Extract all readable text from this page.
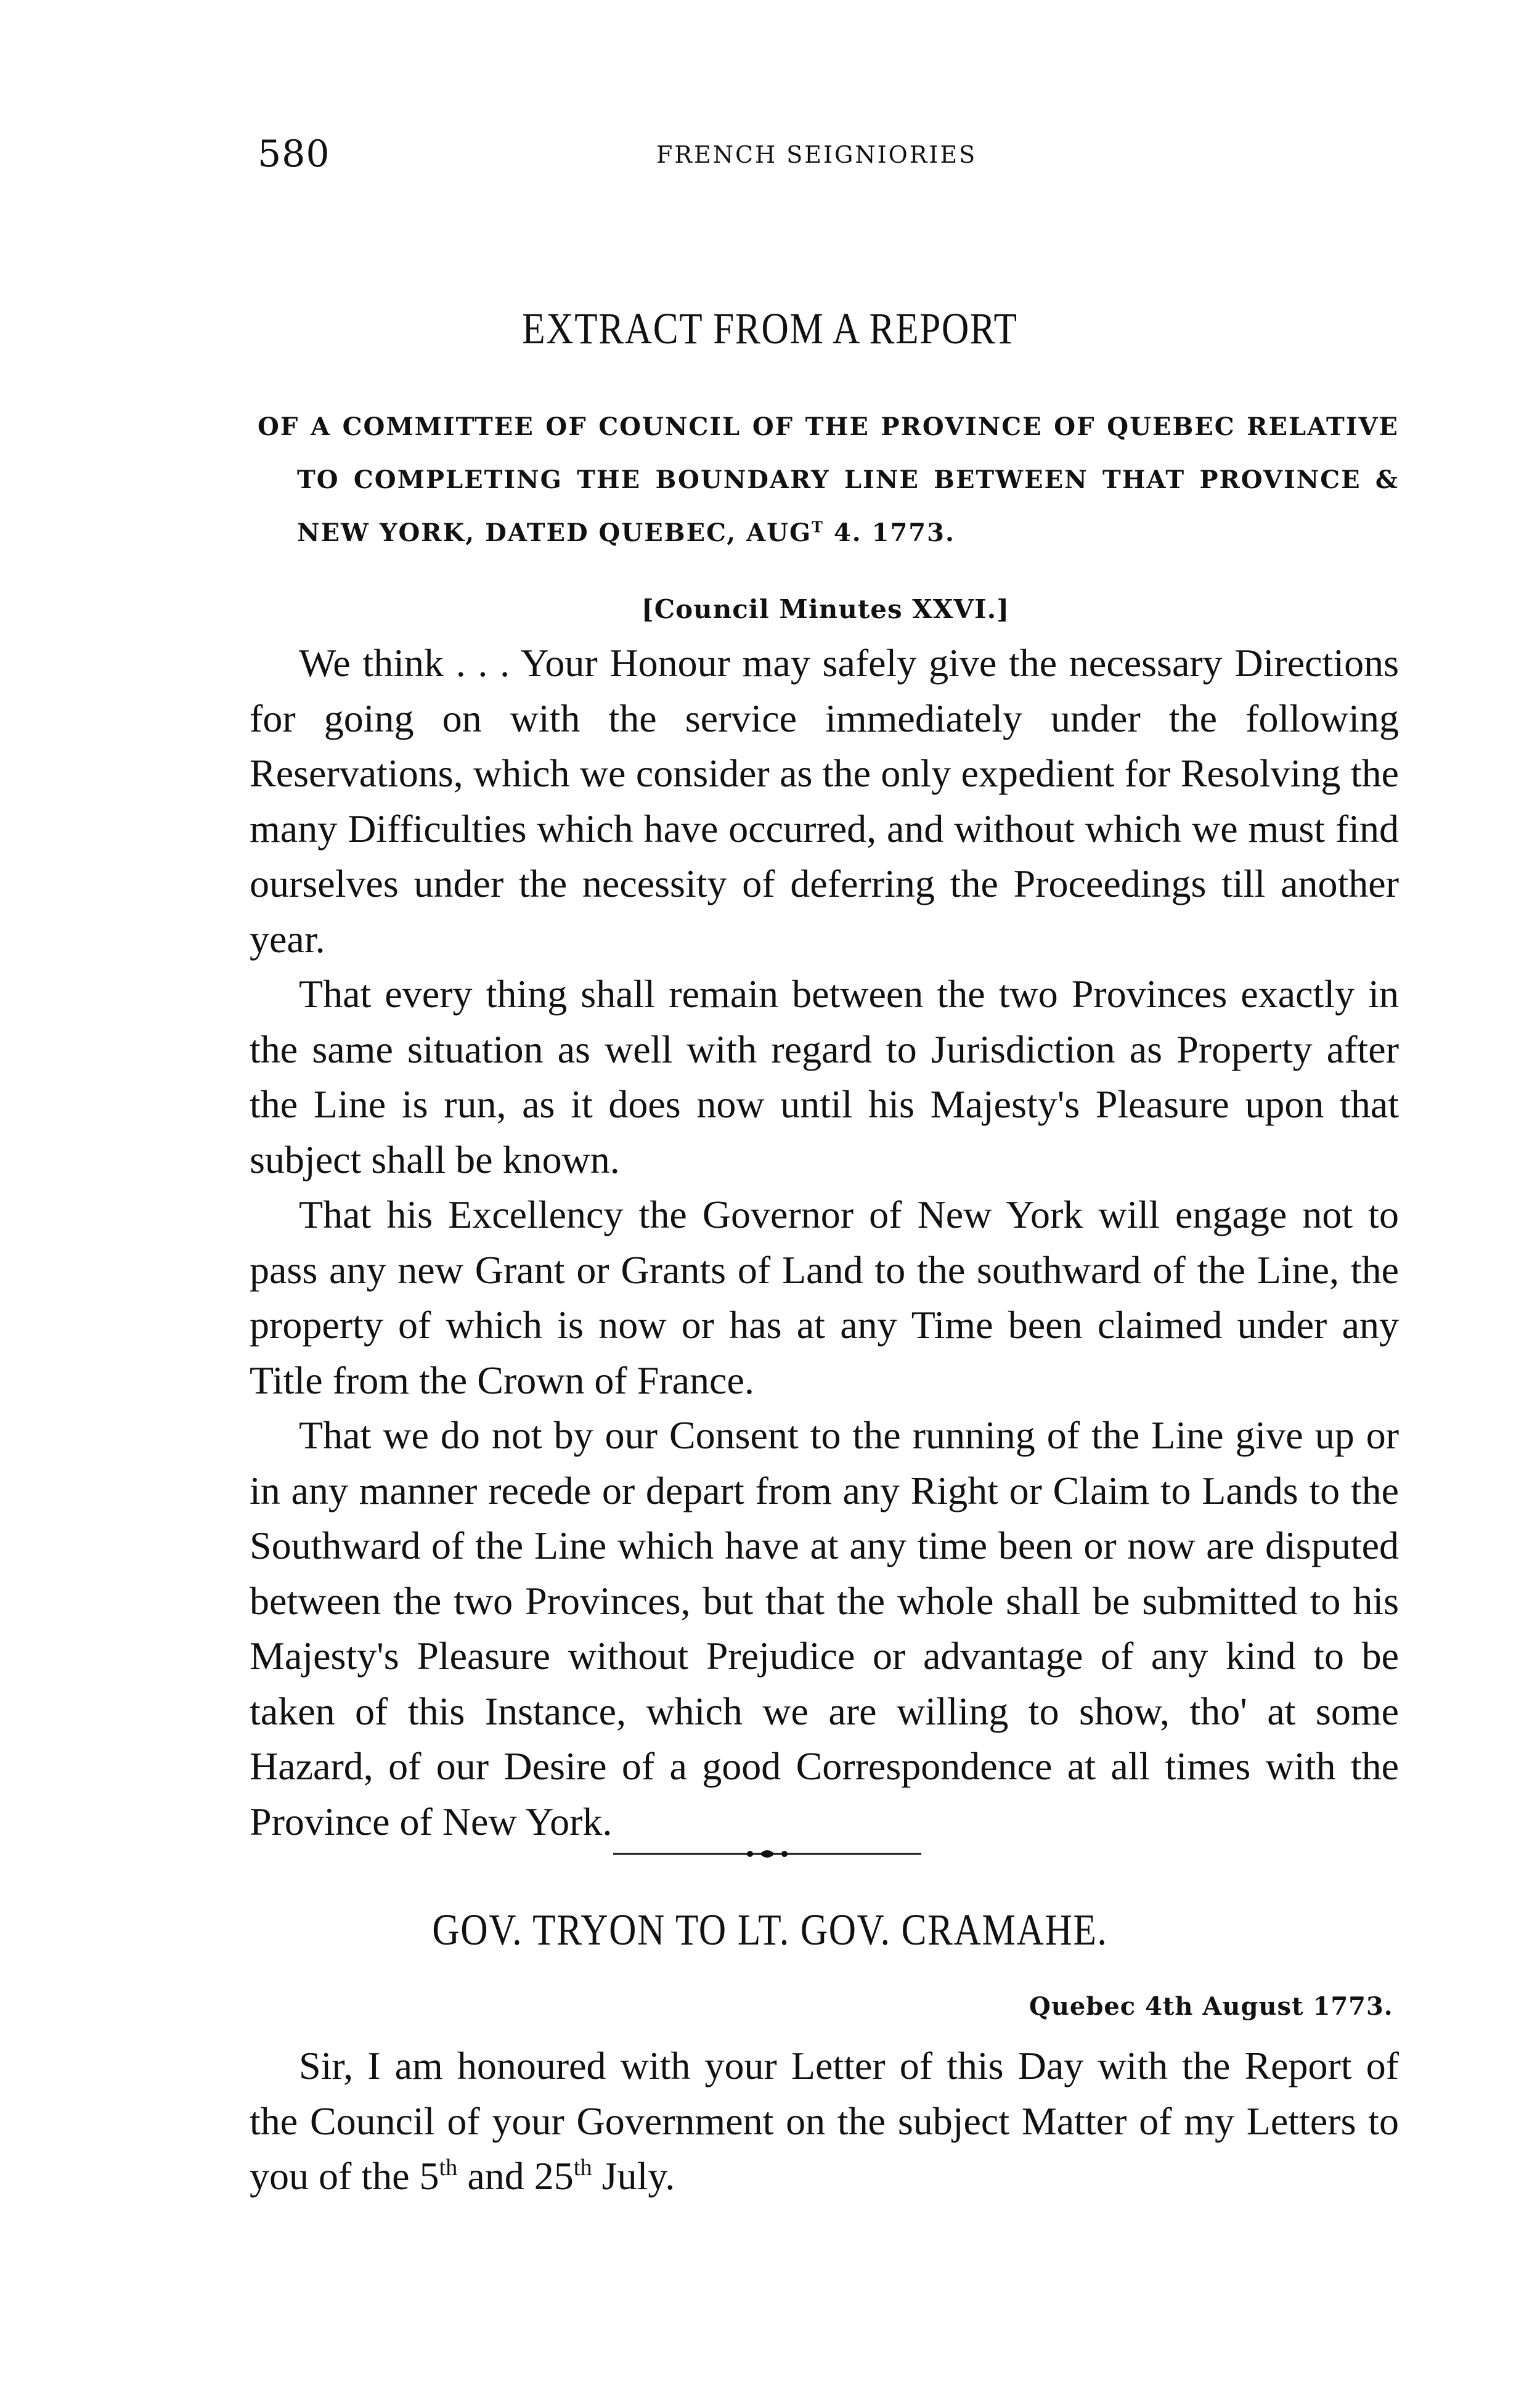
580	FRENCH SEIGNIORIES
EXTRACT FROM A REPORT
OF A COMMITTEE OF COUNCIL OF THE PROVINCE OF QUEBEC RELATIVE
TO COMPLETING THE BOUNDARY LINE BETWEEN THAT PROVINCE &
NEW YORK, DATED QUEBEC, $AUG^T$ 4. 1773.
[Council Minutes XXVI.]

We think . . . Your Honour may safely give the necessary Directions for going on with the service immediately under the following Reservations, which we consider as the only expedient for Resolving the many Difficulties which have occurred, and without which we must find ourselves under the necessity of deferring the Proceedings till another year.

That every thing shall remain between the two Provinces exactly in the same situation as well with regard to Jurisdiction as Property after the Line is run, as it does now until his Majesty's Pleasure upon that subject shall be known.

That his Excellency the Governor of New York will engage not to pass any new Grant or Grants of Land to the southward of the Line, the property of which is now or has at any Time been claimed under any Title from the Crown of France.

That we do not by our Consent to the running of the Line give up or in any manner recede or depart from any Right or Claim to Lands to the Southward of the Line which have at any time been or now are disputed between the two Provinces, but that the whole shall be submitted to his Majesty's Pleasure without Prejudice or advantage of any kind to be taken of this Instance, which we are willing to show, tho' at some Hazard, of our Desire of a good Correspondence at all times with the Province of New York.

GOV. TRYON TO LT. GOV. CRAMAHE.
Quebec 4th August 1773.

Sir, I am honoured with your Letter of this Day with the Report of the Council of your Government on the subject Matter of my Letters to you of the 5th and 25th July.
